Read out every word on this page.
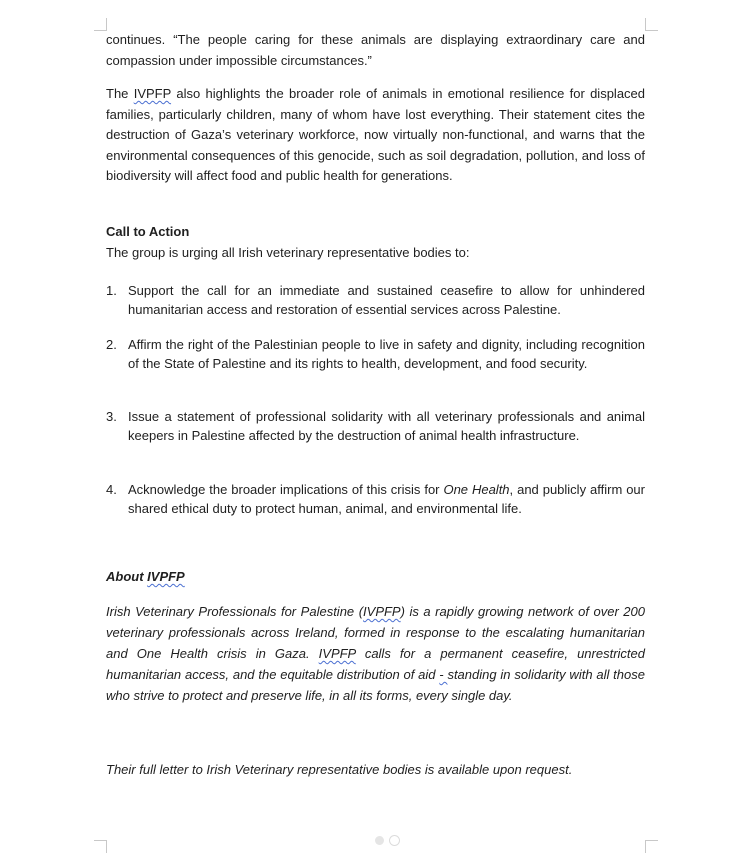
continues. “The people caring for these animals are displaying extraordinary care and compassion under impossible circumstances.”

The IVPFP also highlights the broader role of animals in emotional resilience for displaced families, particularly children, many of whom have lost everything. Their statement cites the destruction of Gaza’s veterinary workforce, now virtually non-functional, and warns that the environmental consequences of this genocide, such as soil degradation, pollution, and loss of biodiversity will affect food and public health for generations.

Call to Action

The group is urging all Irish veterinary representative bodies to:

1. Support the call for an immediate and sustained ceasefire to allow for unhindered humanitarian access and restoration of essential services across Palestine.
2. Affirm the right of the Palestinian people to live in safety and dignity, including recognition of the State of Palestine and its rights to health, development, and food security.
3. Issue a statement of professional solidarity with all veterinary professionals and animal keepers in Palestine affected by the destruction of animal health infrastructure.
4. Acknowledge the broader implications of this crisis for One Health, and publicly affirm our shared ethical duty to protect human, animal, and environmental life.

About IVPFP

Irish Veterinary Professionals for Palestine (IVPFP) is a rapidly growing network of over 200 veterinary professionals across Ireland, formed in response to the escalating humanitarian and One Health crisis in Gaza. IVPFP calls for a permanent ceasefire, unrestricted humanitarian access, and the equitable distribution of aid - standing in solidarity with all those who strive to protect and preserve life, in all its forms, every single day.

Their full letter to Irish Veterinary representative bodies is available upon request.
